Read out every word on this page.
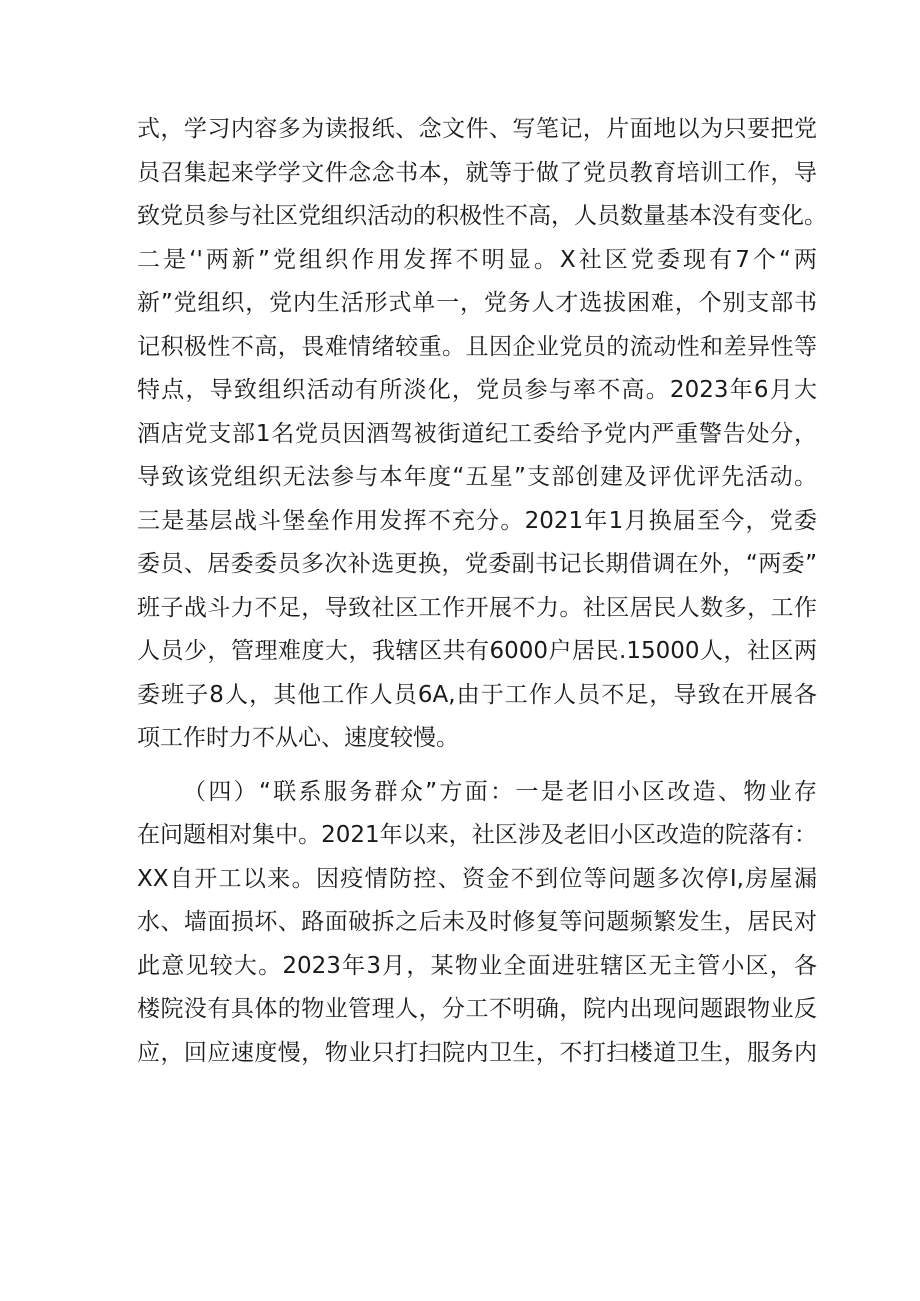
式，学习内容多为读报纸、念文件、写笔记，片面地以为只要把党
员召集起来学学文件念念书本，就等于做了党员教育培训工作，导
致党员参与社区党组织活动的积极性不高，人员数量基本没有变化。
二是‘'两新”党组织作用发挥不明显。X社区党委现有7个“两
新”党组织，党内生活形式单一，党务人才选拔困难，个别支部书
记积极性不高，畏难情绪较重。且因企业党员的流动性和差异性等
特点，导致组织活动有所淡化，党员参与率不高。2023年6月大
酒店党支部1名党员因酒驾被街道纪工委给予党内严重警告处分，
导致该党组织无法参与本年度“五星”支部创建及评优评先活动。
三是基层战斗堡垒作用发挥不充分。2021年1月换届至今，党委
委员、居委委员多次补选更换，党委副书记长期借调在外，“两委”
班子战斗力不足，导致社区工作开展不力。社区居民人数多，工作
人员少，管理难度大，我辖区共有6000户居民.15000人，社区两
委班子8人，其他工作人员6A,由于工作人员不足，导致在开展各
项工作时力不从心、速度较慢。
（四）“联系服务群众”方面：一是老旧小区改造、物业存
在问题相对集中。2021年以来，社区涉及老旧小区改造的院落有：
XX自开工以来。因疫情防控、资金不到位等问题多次停I,房屋漏
水、墙面损坏、路面破拆之后未及时修复等问题频繁发生，居民对
此意见较大。2023年3月，某物业全面进驻辖区无主管小区，各
楼院没有具体的物业管理人，分工不明确，院内出现问题跟物业反
应，回应速度慢，物业只打扫院内卫生，不打扫楼道卫生，服务内
